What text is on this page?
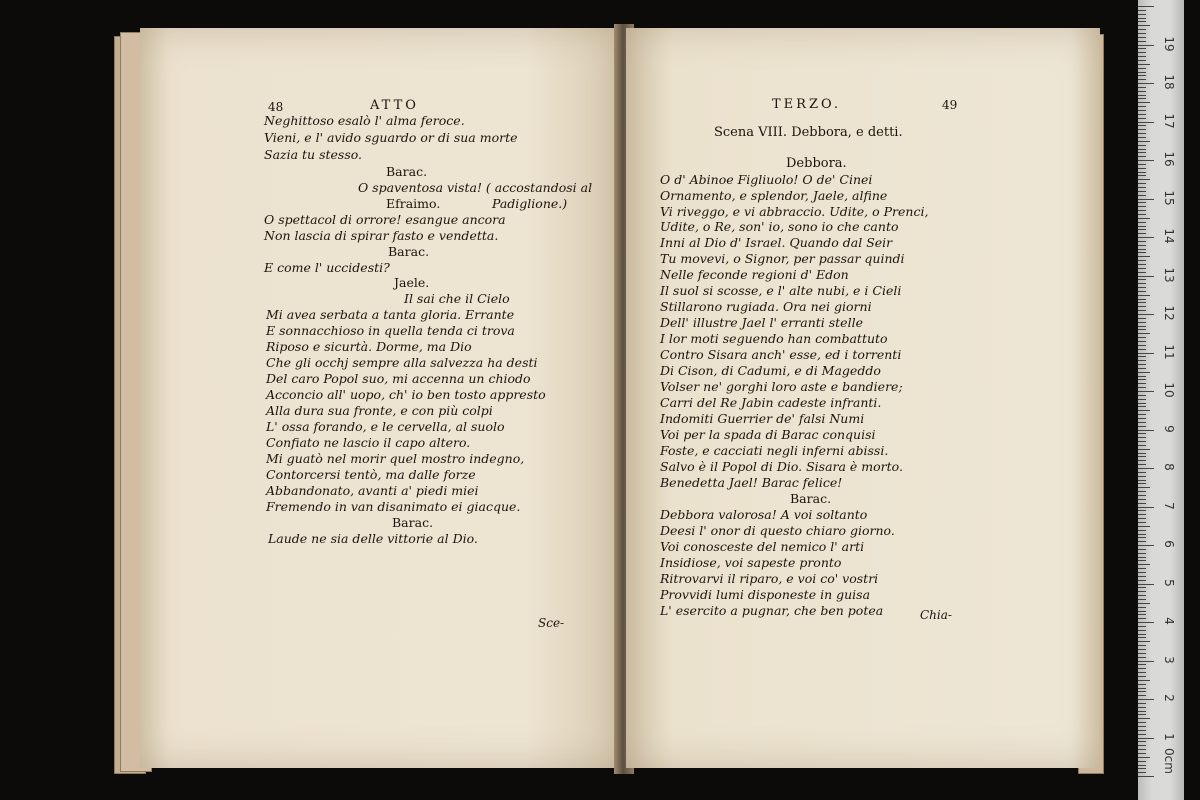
48	ATTO
Neghittoso esalò l' alma feroce.
Vieni, e l' avido sguardo or di sua morte
Sazia tu stesso.
Barac.
O spaventosa vista! ( accostandosi al
Efraimo.	Padiglione.)
O spettacol di orrore! esangue ancora
Non lascia di spirar fasto e vendetta.
Barac.
E come l' uccidesti?
Jaele.
Il sai che il Cielo
Mi avea serbata a tanta gloria. Errante
E sonnacchioso in quella tenda ci trova
Riposo e sicurtà. Dorme, ma Dio
Che gli occhj sempre alla salvezza ha desti
Del caro Popol suo, mi accenna un chiodo
Acconcio all' uopo, ch' io ben tosto appresto
Alla dura sua fronte, e con più colpi
L' ossa forando, e le cervella, al suolo
Confiato ne lascio il capo altero.
Mi guatò nel morir quel mostro indegno,
Contorcersi tentò, ma dalle forze
Abbandonato, avanti a' piedi miei
Fremendo in van disanimato ei giacque.
Barac.
Laude ne sia delle vittorie al Dio.
Sce-
TERZO.	49
Scena VIII. Debbora, e detti.
Debbora.
O d' Abinoe Figliuolo! O de' Cinei
Ornamento, e splendor, Jaele, alfine
Vi riveggo, e vi abbraccio. Udite, o Prenci,
Udite, o Re, son' io, sono io che canto
Inni al Dio d' Israel. Quando dal Seir
Tu movevi, o Signor, per passar quindi
Nelle feconde regioni d' Edon
Il suol si scosse, e l' alte nubi, e i Cieli
Stillarono rugiada. Ora nei giorni
Dell' illustre Jael l' erranti stelle
I lor moti seguendo han combattuto
Contro Sisara anch' esse, ed i torrenti
Di Cison, di Cadumi, e di Mageddo
Volser ne' gorghi loro aste e bandiere;
Carri del Re Jabin cadeste infranti.
Indomiti Guerrier de' falsi Numi
Voi per la spada di Barac conquisi
Foste, e cacciati negli inferni abissi.
Salvo è il Popol di Dio. Sisara è morto.
Benedetta Jael! Barac felice!
Barac.
Debbora valorosa! A voi soltanto
Deesi l' onor di questo chiaro giorno.
Voi conosceste del nemico l' arti
Insidiose, voi sapeste pronto
Ritrovarvi il riparo, e voi co' vostri
Provvidi lumi disponeste in guisa
L' esercito a pugnar, che ben potea	Chia-
0cm
1
2
3
4
5
6
7
8
9
10
11
12
13
14
15
16
17
18
19
